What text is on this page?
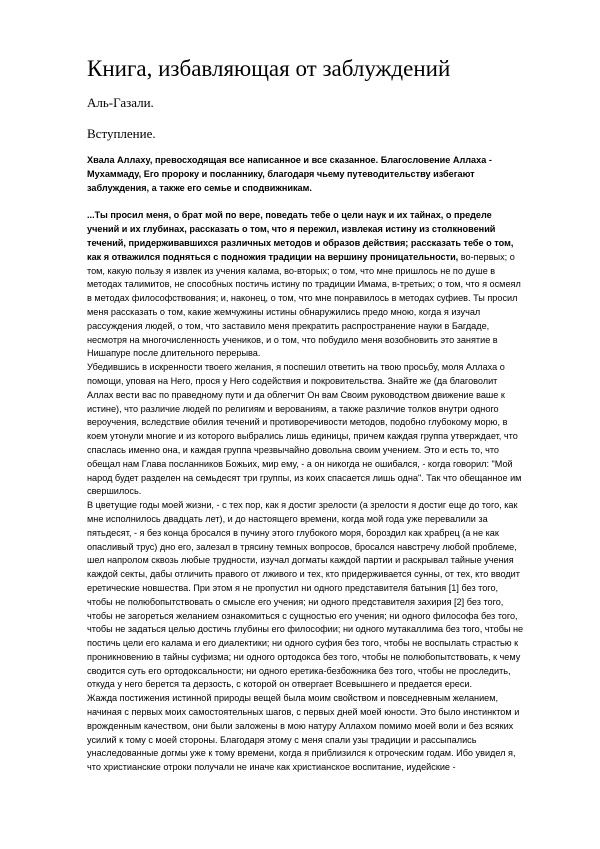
Книга, избавляющая от заблуждений
Аль-Газали.
Вступление.

Хвала Аллаху, превосходящая все написанное и все сказанное. Благословение Аллаха - Мухаммаду, Его пророку и посланнику, благодаря чьему путеводительству избегают заблуждения, а также его семье и сподвижникам.

...Ты просил меня, о брат мой по вере, поведать тебе о цели наук и их тайнах, о пределе учений и их глубинах, рассказать о том, что я пережил, извлекая истину из столкновений течений, придерживавшихся различных методов и образов действия; рассказать тебе о том, как я отважился подняться с подножия традиции на вершину проницательности, во-первых; о том, какую пользу я извлек из учения калама, во-вторых; о том, что мне пришлось не по душе в методах талимитов, не способных постичь истину по традиции Имама, в-третьих; о том, что я осмеял в методах философствования; и, наконец, о том, что мне понравилось в методах суфиев. Ты просил меня рассказать о том, какие жемчужины истины обнаружились предо мною, когда я изучал рассуждения людей, о том, что заставило меня прекратить распространение науки в Багдаде, несмотря на многочисленность учеников, и о том, что побудило меня возобновить это занятие в Нишапуре после длительного перерыва.

Убедившись в искренности твоего желания, я поспешил ответить на твою просьбу, моля Аллаха о помощи, уповая на Него, прося у Него содействия и покровительства. Знайте же (да благоволит Аллах вести вас по праведному пути и да облегчит Он вам Своим руководством движение ваше к истине), что различие людей по религиям и верованиям, а также различие толков внутри одного вероучения, вследствие обилия течений и противоречивости методов, подобно глубокому морю, в коем утонули многие и из которого выбрались лишь единицы, причем каждая группа утверждает, что спаслась именно она, и каждая группа чрезвычайно довольна своим учением. Это и есть то, что обещал нам Глава посланников Божьих, мир ему, - а он никогда не ошибался, - когда говорил: "Мой народ будет разделен на семьдесят три группы, из коих спасается лишь одна". Так что обещанное им свершилось.

В цветущие годы моей жизни, - с тех пор, как я достиг зрелости (а зрелости я достиг еще до того, как мне исполнилось двадцать лет), и до настоящего времени, когда мой года уже перевалили за пятьдесят, - я без конца бросался в пучину этого глубокого моря, бороздил как храбрец (а не как опасливый трус) дно его, залезал в трясину темных вопросов, бросался навстречу любой проблеме, шел напролом сквозь любые трудности, изучал догматы каждой партии и раскрывал тайные учения каждой секты, дабы отличить правого от лживого и тех, кто придерживается сунны, от тех, кто вводит еретические новшества. При этом я не пропустил ни одного представителя батыния [1] без того, чтобы не полюбопытствовать о смысле его учения; ни одного представителя захирия [2] без того, чтобы не загореться желанием ознакомиться с сущностью его учения; ни одного философа без того, чтобы не задаться целью достичь глубины его философии; ни одного мутакаллима без того, чтобы не постичь цели его калама и его диалектики; ни одного суфия без того, чтобы не воспылать страстью к проникновению в тайны суфизма; ни одного ортодокса без того, чтобы не полюбопытствовать, к чему сводится суть его ортодоксальности; ни одного еретика-безбожника без того, чтобы не проследить, откуда у него берется та дерзость, с которой он отвергает Всевышнего и предается ереси.

Жажда постижения истинной природы вещей была моим свойством и повседневным желанием, начиная с первых моих самостоятельных шагов, с первых дней моей юности. Это было инстинктом и врожденным качеством, они были заложены в мою натуру Аллахом помимо моей воли и без всяких усилий к тому с моей стороны. Благодаря этому с меня спали узы традиции и рассыпались унаследованные догмы уже к тому времени, когда я приблизился к отроческим годам. Ибо увидел я, что христианские отроки получали не иначе как христианское воспитание, иудейские -
